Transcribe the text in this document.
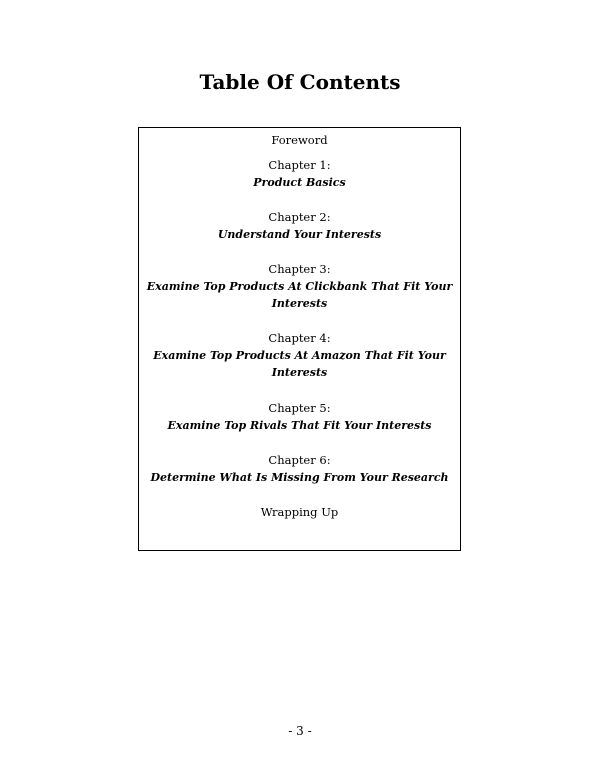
Table Of Contents
Foreword
Chapter 1:
Product Basics
Chapter 2:
Understand Your Interests
Chapter 3:
Examine Top Products At Clickbank That Fit Your Interests
Chapter 4:
Examine Top Products At Amazon That Fit Your Interests
Chapter 5:
Examine Top Rivals That Fit Your Interests
Chapter 6:
Determine What Is Missing From Your Research
Wrapping Up
- 3 -
